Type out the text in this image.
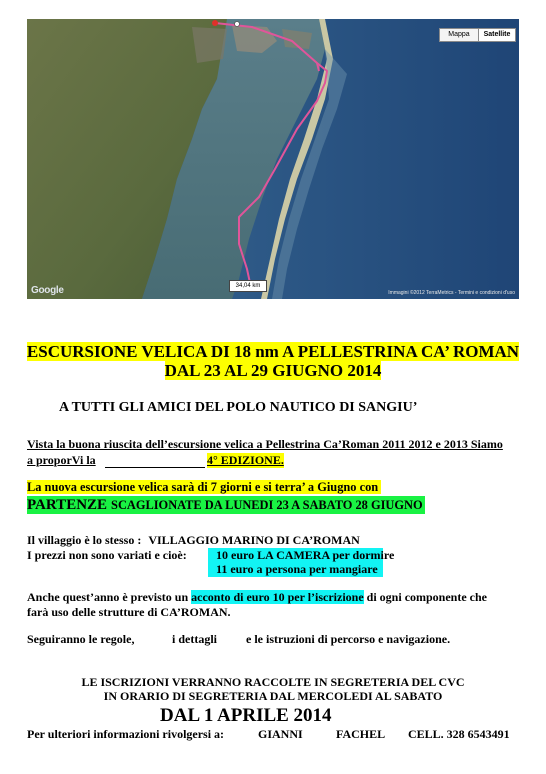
Mappa	Satellite
34,04 km
Google	Immagini ©2012 TerraMetrics - Termini e condizioni d'uso
ESCURSIONE VELICA DI 18 nm A PELLESTRINA CA’ ROMAN
DAL 23 AL 29 GIUGNO 2014
A TUTTI GLI AMICI DEL POLO NAUTICO DI SANGIU’
Vista la buona riuscita dell’escursione velica a Pellestrina Ca’Roman 2011 2012 e 2013 Siamo
a proporVi la	4° EDIZIONE.
La nuova escursione velica sarà di 7 giorni e si terra’ a Giugno con
PARTENZE SCAGLIONATE DA LUNEDI 23 A SABATO 28 GIUGNO
Il villaggio è lo stesso : VILLAGGIO MARINO DI CA’ROMAN
I prezzi non sono variati e cioè:	10 euro LA CAMERA per dormire
11 euro a persona per mangiare
Anche quest’anno è previsto un acconto di euro 10 per l’iscrizione di ogni componente che
farà uso delle strutture di CA’ROMAN.
Seguiranno le regole,	i dettagli e le istruzioni di percorso e navigazione.
LE ISCRIZIONI VERRANNO RACCOLTE IN SEGRETERIA DEL CVC
IN ORARIO DI SEGRETERIA DAL MERCOLEDI AL SABATO
DAL 1 APRILE 2014
Per ulteriori informazioni rivolgersi a:	GIANNI	FACHEL CELL. 328 6543491
